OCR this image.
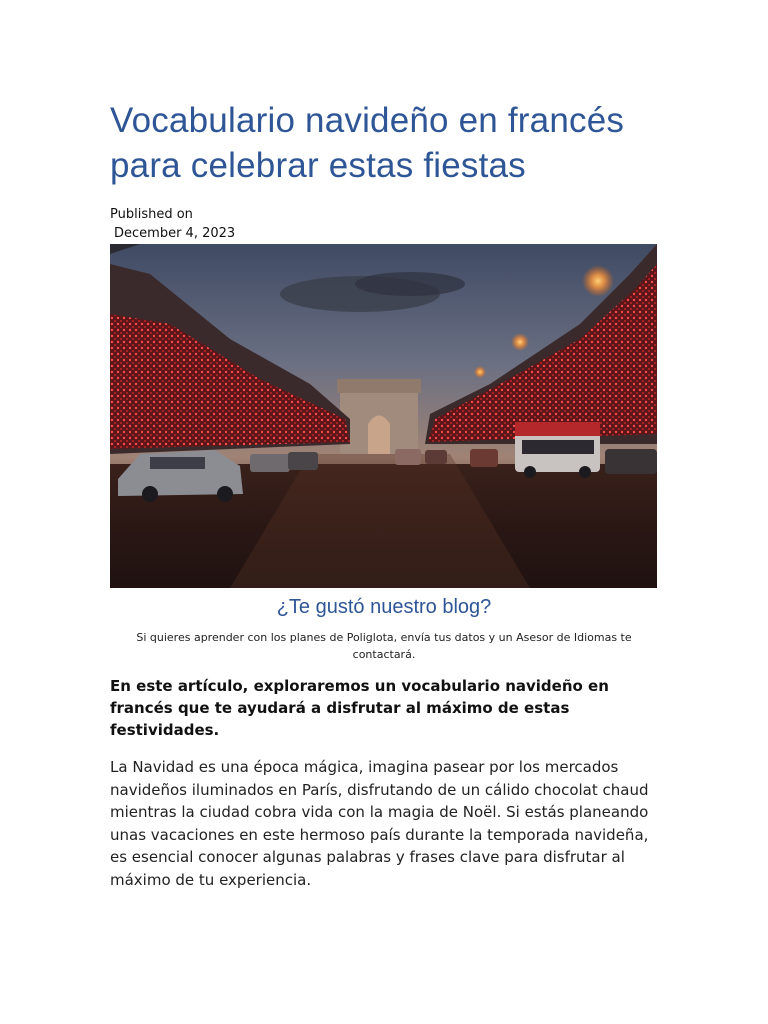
Vocabulario navideño en francés para celebrar estas fiestas
Published on
December 4, 2023
¿Te gustó nuestro blog?
Si quieres aprender con los planes de Poliglota, envía tus datos y un Asesor de Idiomas te contactará.

En este artículo, exploraremos un vocabulario navideño en francés que te ayudará a disfrutar al máximo de estas festividades.

La Navidad es una época mágica, imagina pasear por los mercados navideños iluminados en París, disfrutando de un cálido chocolat chaud mientras la ciudad cobra vida con la magia de Noël. Si estás planeando unas vacaciones en este hermoso país durante la temporada navideña, es esencial conocer algunas palabras y frases clave para disfrutar al máximo de tu experiencia.
